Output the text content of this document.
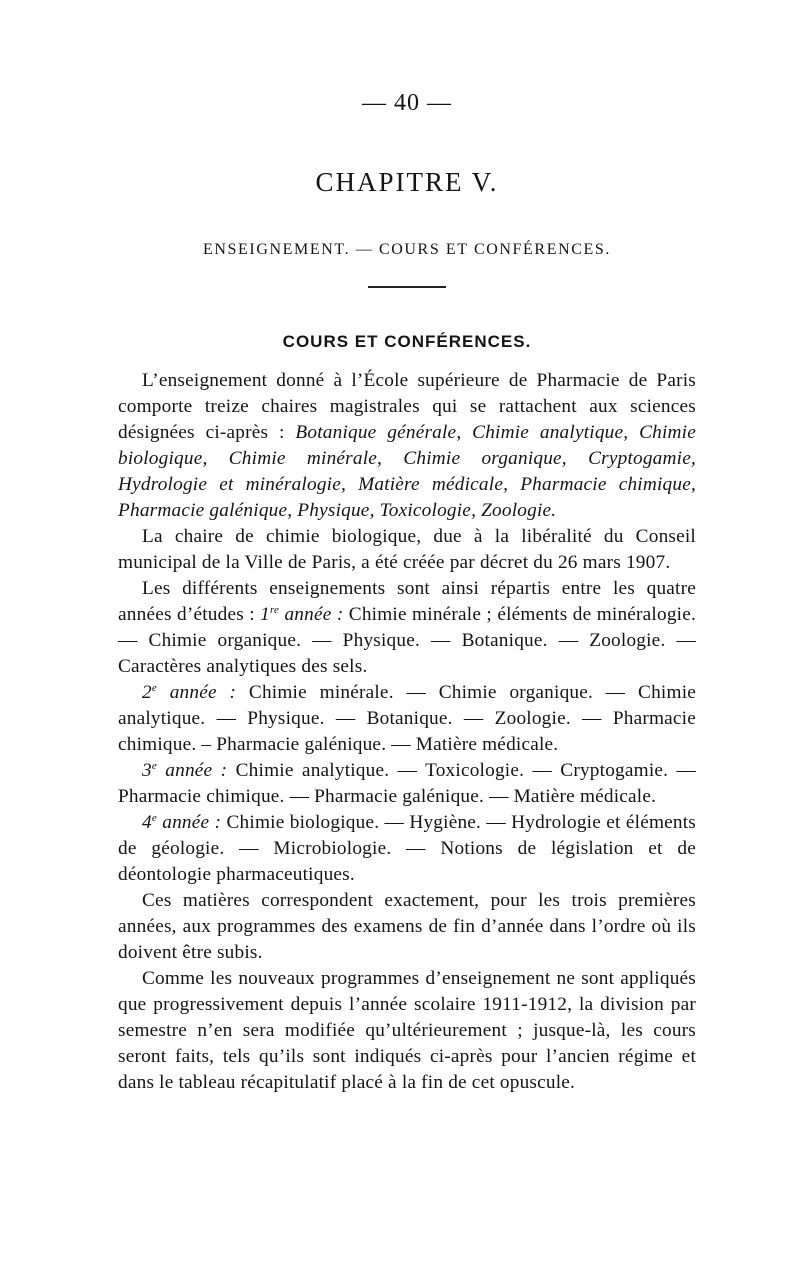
— 40 —
CHAPITRE V.
ENSEIGNEMENT. — COURS ET CONFÉRENCES.
COURS ET CONFÉRENCES.

L’enseignement donné à l’École supérieure de Pharmacie de Paris comporte treize chaires magistrales qui se rattachent aux sciences désignées ci-après : Botanique générale, Chimie analytique, Chimie biologique, Chimie minérale, Chimie organique, Cryptogamie, Hydrologie et minéralogie, Matière médicale, Pharmacie chimique, Pharmacie galénique, Physique, Toxicologie, Zoologie.

La chaire de chimie biologique, due à la libéralité du Conseil municipal de la Ville de Paris, a été créée par décret du 26 mars 1907.

Les différents enseignements sont ainsi répartis entre les quatre années d’études : 1re année : Chimie minérale ; éléments de minéralogie. — Chimie organique. — Physique. — Botanique. — Zoologie. — Caractères analytiques des sels.

2e année : Chimie minérale. — Chimie organique. — Chimie analytique. — Physique. — Botanique. — Zoologie. — Pharmacie chimique. – Pharmacie galénique. — Matière médicale.

3e année : Chimie analytique. — Toxicologie. — Cryptogamie. — Pharmacie chimique. — Pharmacie galénique. — Matière médicale.

4e année : Chimie biologique. — Hygiène. — Hydrologie et éléments de géologie. — Microbiologie. — Notions de législation et de déontologie pharmaceutiques.

Ces matières correspondent exactement, pour les trois premières années, aux programmes des examens de fin d’année dans l’ordre où ils doivent être subis.

Comme les nouveaux programmes d’enseignement ne sont appliqués que progressivement depuis l’année scolaire 1911-1912, la division par semestre n’en sera modifiée qu’ultérieurement ; jusque-là, les cours seront faits, tels qu’ils sont indiqués ci-après pour l’ancien régime et dans le tableau récapitulatif placé à la fin de cet opuscule.
